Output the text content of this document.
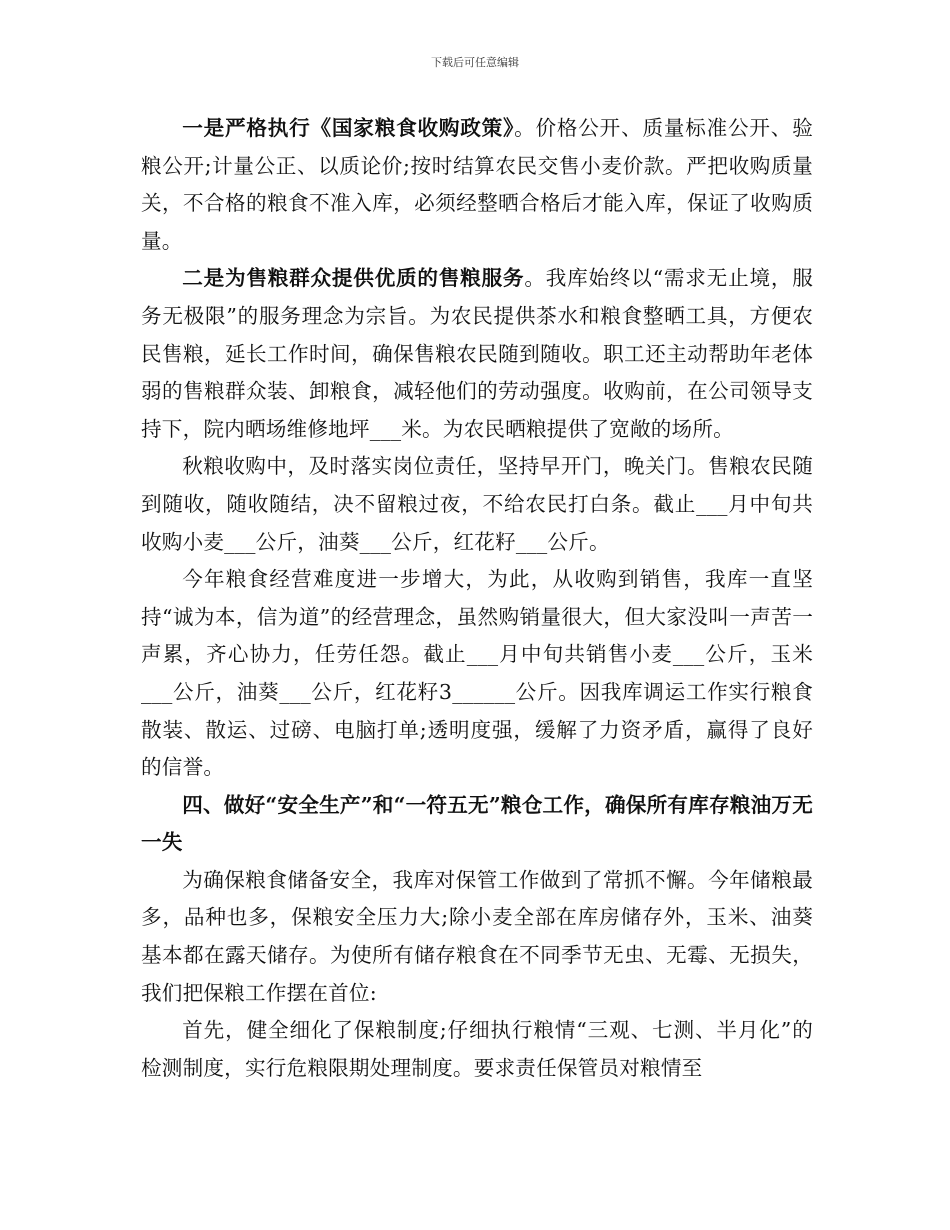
下载后可任意编辑

一是严格执行《国家粮食收购政策》。价格公开、质量标准公开、验粮公开;计量公正、以质论价;按时结算农民交售小麦价款。严把收购质量关，不合格的粮食不准入库，必须经整晒合格后才能入库，保证了收购质量。

二是为售粮群众提供优质的售粮服务。我库始终以“需求无止境，服务无极限”的服务理念为宗旨。为农民提供茶水和粮食整晒工具，方便农民售粮，延长工作时间，确保售粮农民随到随收。职工还主动帮助年老体弱的售粮群众装、卸粮食，减轻他们的劳动强度。收购前，在公司领导支持下，院内晒场维修地坪___米。为农民晒粮提供了宽敞的场所。

秋粮收购中，及时落实岗位责任，坚持早开门，晚关门。售粮农民随到随收，随收随结，决不留粮过夜，不给农民打白条。截止___月中旬共收购小麦___公斤，油葵___公斤，红花籽___公斤。

今年粮食经营难度进一步增大，为此，从收购到销售，我库一直坚持“诚为本，信为道”的经营理念，虽然购销量很大，但大家没叫一声苦一声累，齐心协力，任劳任怨。截止___月中旬共销售小麦___公斤，玉米___公斤，油葵___公斤，红花籽3______公斤。因我库调运工作实行粮食散装、散运、过磅、电脑打单;透明度强，缓解了力资矛盾，赢得了良好的信誉。

四、做好“安全生产”和“一符五无”粮仓工作，确保所有库存粮油万无一失

为确保粮食储备安全，我库对保管工作做到了常抓不懈。今年储粮最多，品种也多，保粮安全压力大;除小麦全部在库房储存外，玉米、油葵基本都在露天储存。为使所有储存粮食在不同季节无虫、无霉、无损失，我们把保粮工作摆在首位:

首先，健全细化了保粮制度;仔细执行粮情“三观、七测、半月化”的检测制度，实行危粮限期处理制度。要求责任保管员对粮情至
